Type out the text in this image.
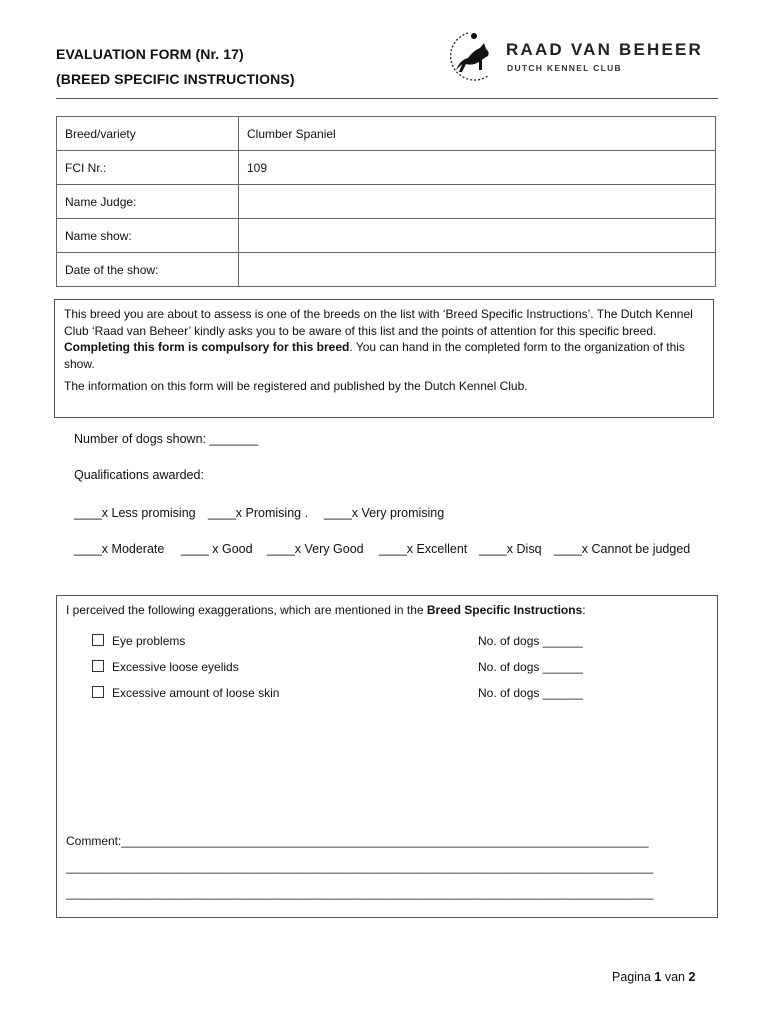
EVALUATION FORM (Nr. 17)
(BREED SPECIFIC INSTRUCTIONS)
RAAD VAN BEHEER
DUTCH KENNEL CLUB
Breed/variety	Clumber Spaniel
FCI Nr.:	109
Name Judge:	
Name show:	
Date of the show:	

This breed you are about to assess is one of the breeds on the list with ‘Breed Specific Instructions’. The Dutch Kennel Club ‘Raad van Beheer’ kindly asks you to be aware of this list and the points of attention for this specific breed. Completing this form is compulsory for this breed. You can hand in the completed form to the organization of this show.

The information on this form will be registered and published by the Dutch Kennel Club.

Number of dogs shown: _______
Qualifications awarded:
____x Less promising ____x Promising . ____x Very promising
____x Moderate ____ x Good ____x Very Good ____x Excellent ____x Disq ____x Cannot be judged
I perceived the following exaggerations, which are mentioned in the Breed Specific Instructions:
Eye problems	No. of dogs ______
Excessive loose eyelids	No. of dogs ______
Excessive amount of loose skin	No. of dogs ______
Comment:_______________________________________________________________________________
________________________________________________________________________________________
________________________________________________________________________________________
Pagina 1 van 2
